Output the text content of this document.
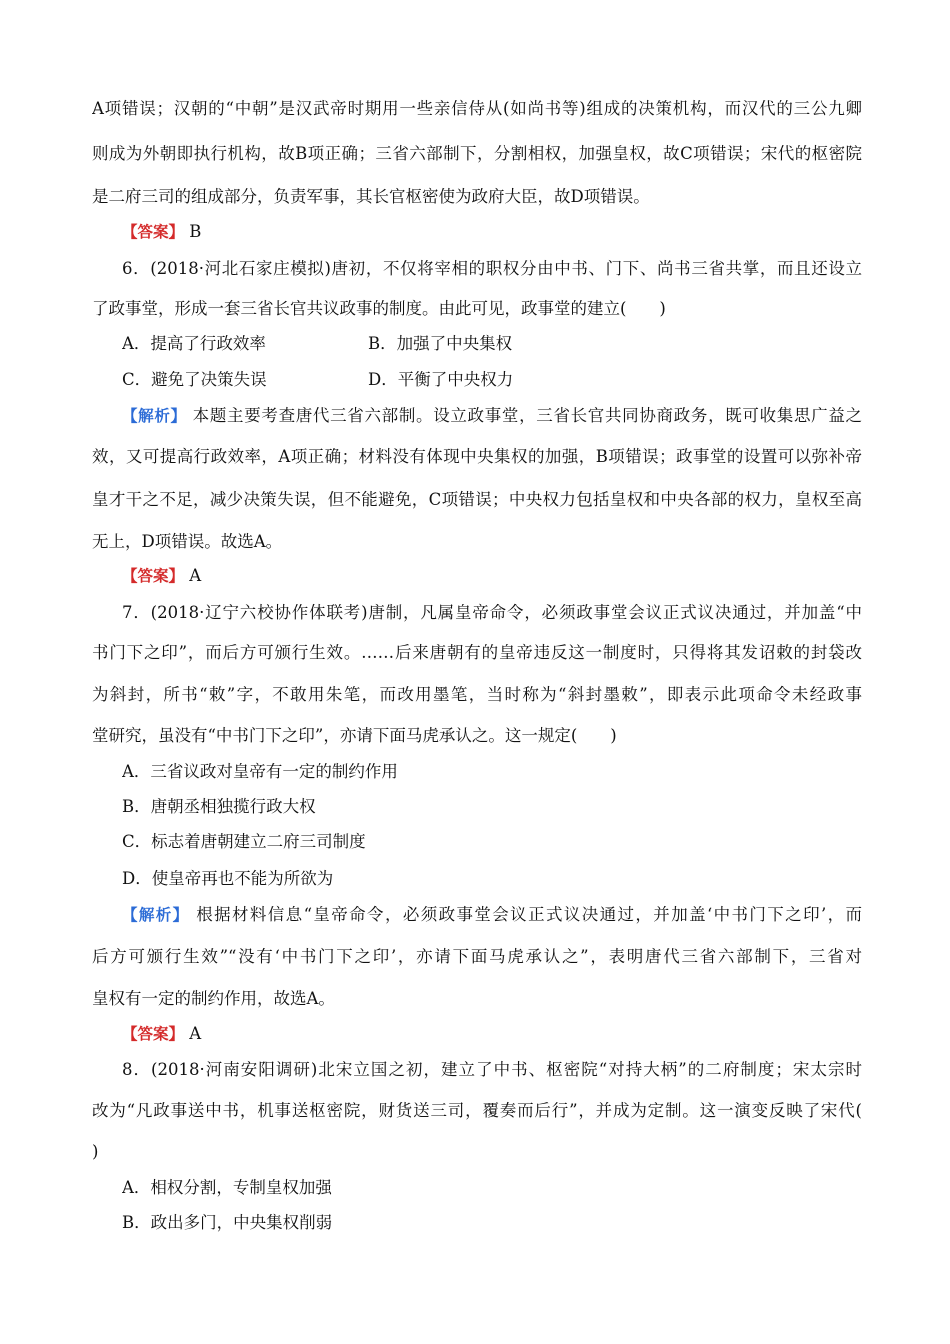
A项错误；汉朝的“中朝”是汉武帝时期用一些亲信侍从(如尚书等)组成的决策机构，而汉代的三公九卿
则成为外朝即执行机构，故B项正确；三省六部制下，分割相权，加强皇权，故C项错误；宋代的枢密院
是二府三司的组成部分，负责军事，其长官枢密使为政府大臣，故D项错误。
【答案】 B
6．(2018·河北石家庄模拟)唐初，不仅将宰相的职权分由中书、门下、尚书三省共掌，而且还设立
了政事堂，形成一套三省长官共议政事的制度。由此可见，政事堂的建立(　　)
A．提高了行政效率	B．加强了中央集权
C．避免了决策失误	D．平衡了中央权力
【解析】 本题主要考查唐代三省六部制。设立政事堂，三省长官共同协商政务，既可收集思广益之
效，又可提高行政效率，A项正确；材料没有体现中央集权的加强，B项错误；政事堂的设置可以弥补帝
皇才干之不足，减少决策失误，但不能避免，C项错误；中央权力包括皇权和中央各部的权力，皇权至高
无上，D项错误。故选A。
【答案】 A
7．(2018·辽宁六校协作体联考)唐制，凡属皇帝命令，必须政事堂会议正式议决通过，并加盖“中
书门下之印”，而后方可颁行生效。……后来唐朝有的皇帝违反这一制度时，只得将其发诏敕的封袋改
为斜封，所书“敕”字，不敢用朱笔，而改用墨笔，当时称为“斜封墨敕”，即表示此项命令未经政事
堂研究，虽没有“中书门下之印”，亦请下面马虎承认之。这一规定(　　)
A．三省议政对皇帝有一定的制约作用
B．唐朝丞相独揽行政大权
C．标志着唐朝建立二府三司制度
D．使皇帝再也不能为所欲为
【解析】 根据材料信息“皇帝命令，必须政事堂会议正式议决通过，并加盖‘中书门下之印’，而
后方可颁行生效”“没有‘中书门下之印’，亦请下面马虎承认之”，表明唐代三省六部制下，三省对
皇权有一定的制约作用，故选A。
【答案】 A
8．(2018·河南安阳调研)北宋立国之初，建立了中书、枢密院“对持大柄”的二府制度；宋太宗时
改为“凡政事送中书，机事送枢密院，财货送三司，覆奏而后行”，并成为定制。这一演变反映了宋代(
)
A．相权分割，专制皇权加强
B．政出多门，中央集权削弱
